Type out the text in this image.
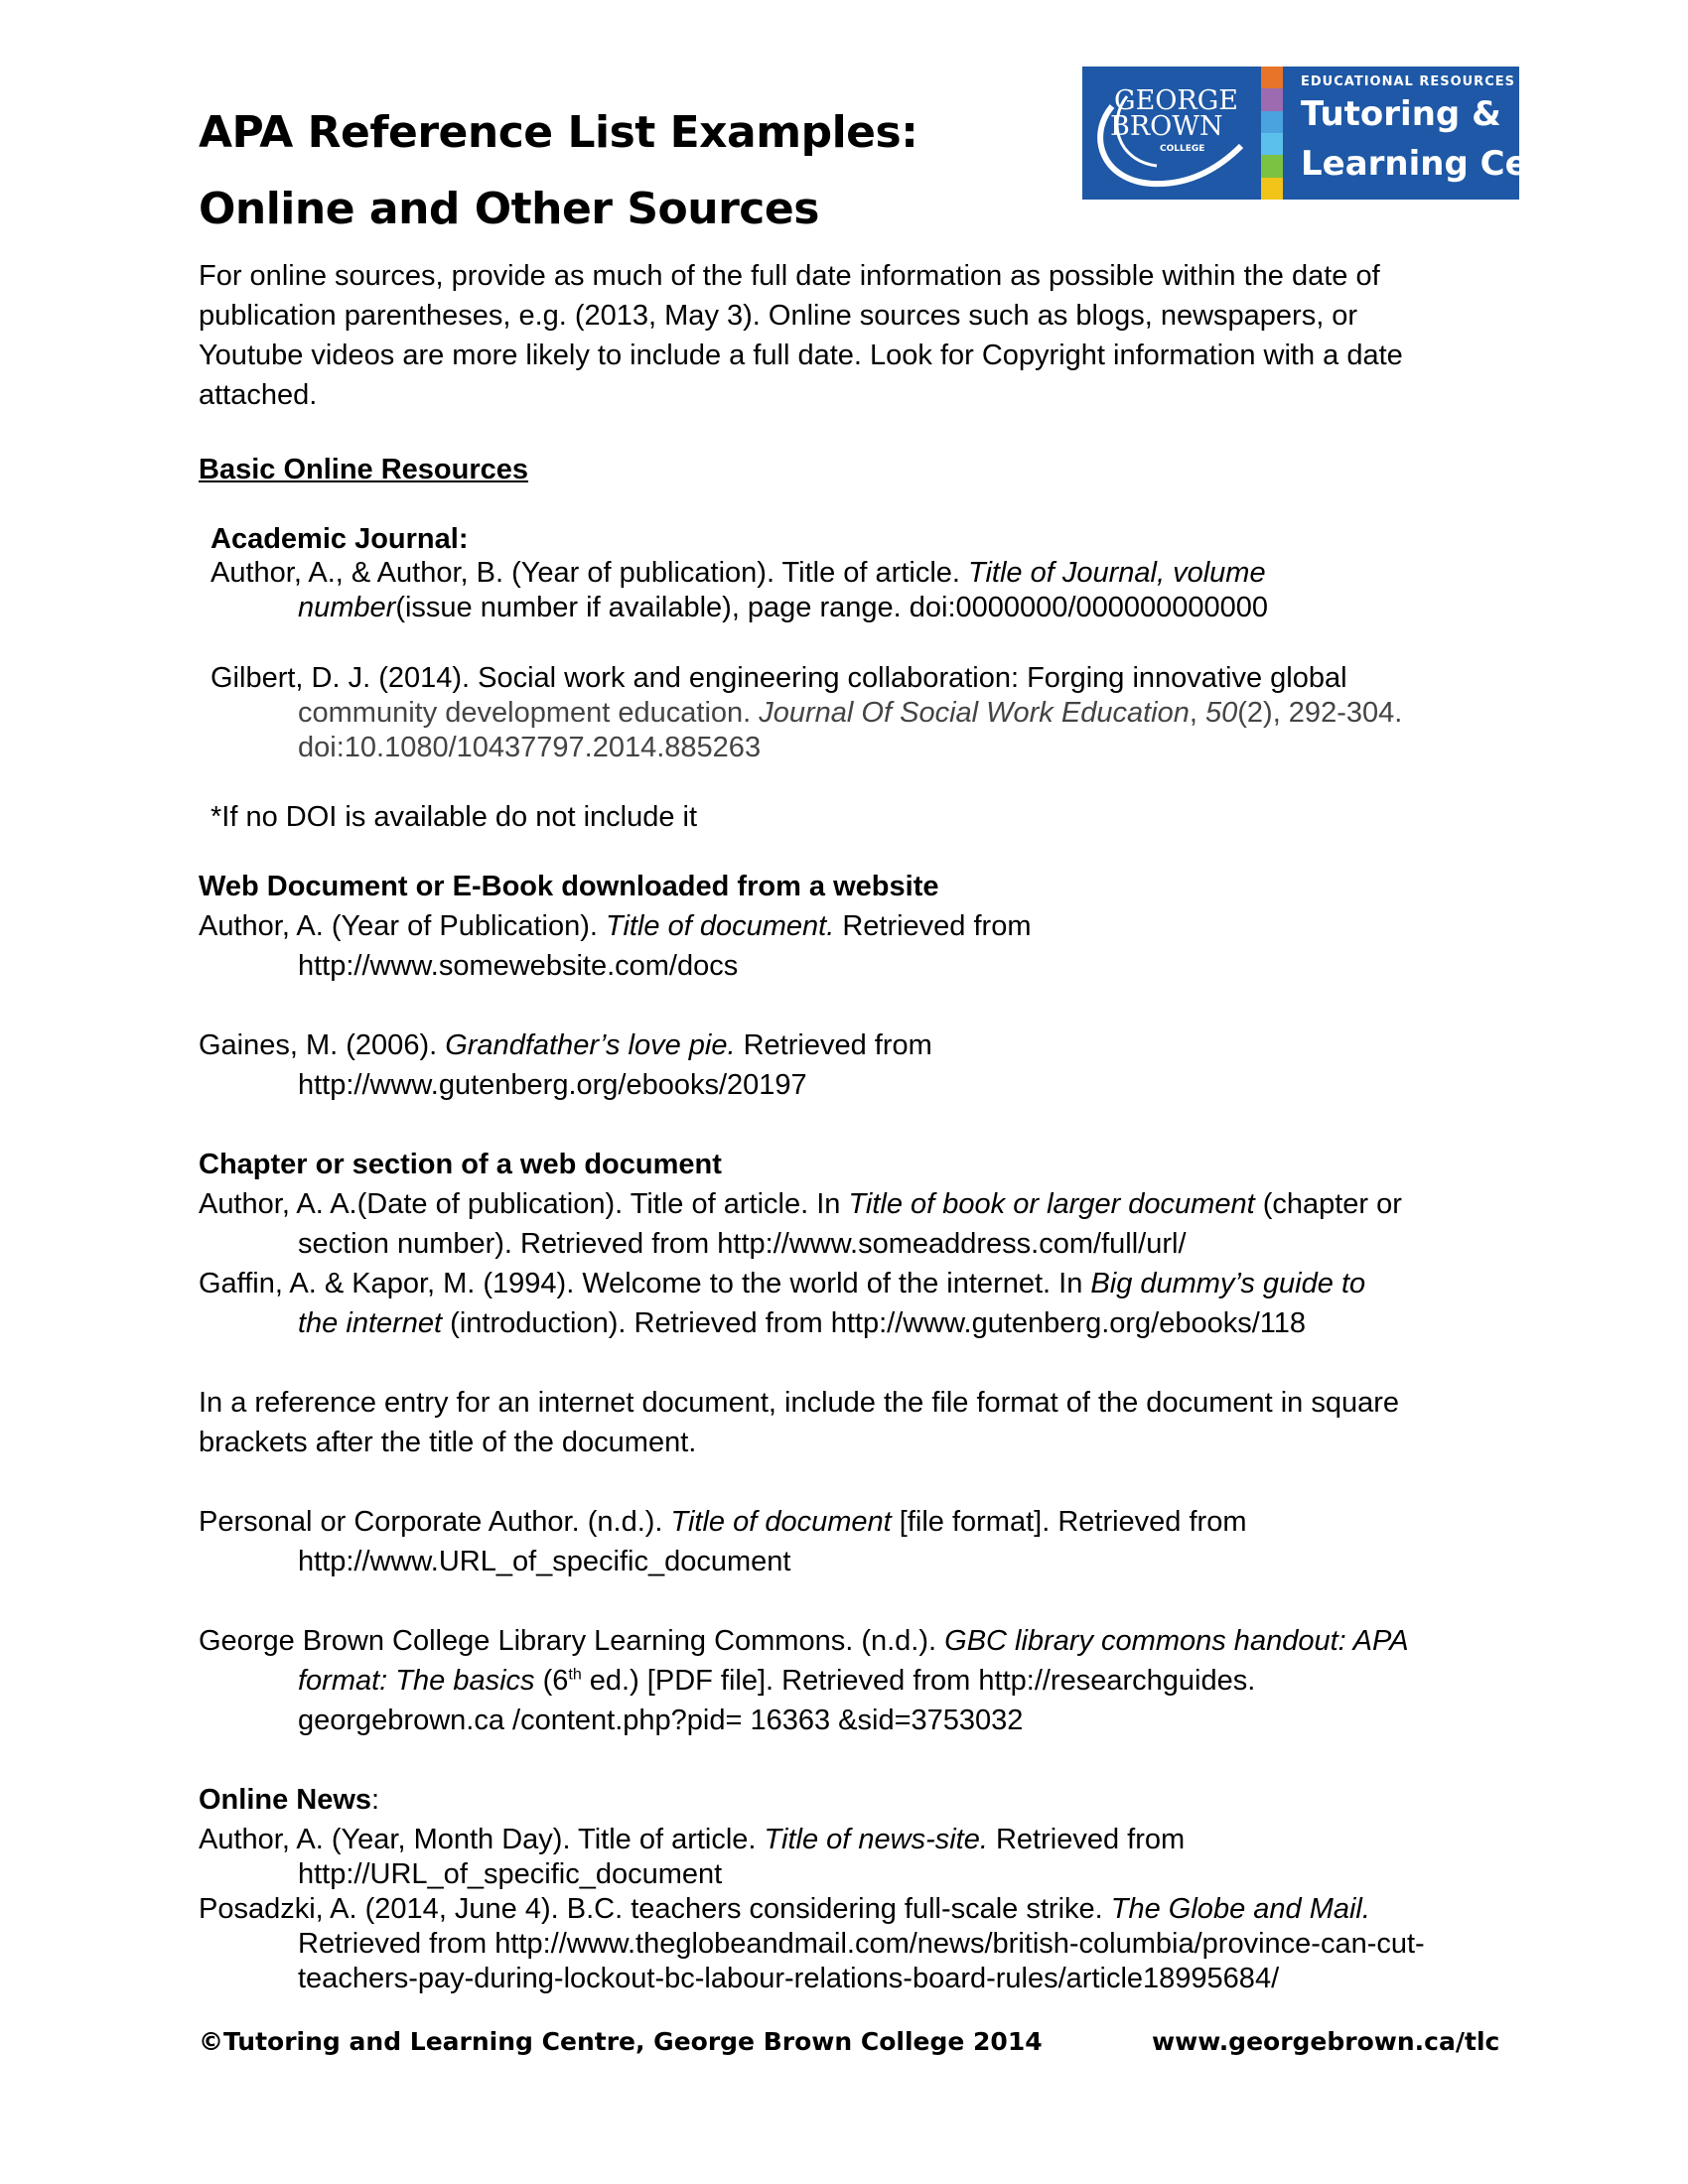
APA Reference List Examples:
Online and Other Sources
GEORGE
BROWN
COLLEGE
EDUCATIONAL RESOURCES
Tutoring &
Learning Centre
For online sources, provide as much of the full date information as possible within the date of
publication parentheses, e.g. (2013, May 3). Online sources such as blogs, newspapers, or
Youtube videos are more likely to include a full date. Look for Copyright information with a date
attached.
Basic Online Resources
Academic Journal:
Author, A., & Author, B. (Year of publication). Title of article. Title of Journal, volume
number(issue number if available), page range. doi:0000000/000000000000
Gilbert, D. J. (2014). Social work and engineering collaboration: Forging innovative global
community development education. Journal Of Social Work Education, 50(2), 292-304.
doi:10.1080/10437797.2014.885263
*If no DOI is available do not include it
Web Document or E-Book downloaded from a website
Author, A. (Year of Publication). Title of document. Retrieved from
http://www.somewebsite.com/docs
Gaines, M. (2006). Grandfather’s love pie. Retrieved from
http://www.gutenberg.org/ebooks/20197
Chapter or section of a web document
Author, A. A.(Date of publication). Title of article. In Title of book or larger document (chapter or
section number). Retrieved from http://www.someaddress.com/full/url/
Gaffin, A. & Kapor, M. (1994). Welcome to the world of the internet. In Big dummy’s guide to
the internet (introduction). Retrieved from http://www.gutenberg.org/ebooks/118
In a reference entry for an internet document, include the file format of the document in square
brackets after the title of the document.
Personal or Corporate Author. (n.d.). Title of document [file format]. Retrieved from
http://www.URL_of_specific_document
George Brown College Library Learning Commons. (n.d.). GBC library commons handout: APA
format: The basics (6th ed.) [PDF file]. Retrieved from http://researchguides.
georgebrown.ca /content.php?pid= 16363 &sid=3753032
Online News:
Author, A. (Year, Month Day). Title of article. Title of news-site. Retrieved from
http://URL_of_specific_document
Posadzki, A. (2014, June 4). B.C. teachers considering full-scale strike. The Globe and Mail.
Retrieved from http://www.theglobeandmail.com/news/british-columbia/province-can-cut-
teachers-pay-during-lockout-bc-labour-relations-board-rules/article18995684/
©Tutoring and Learning Centre, George Brown College 2014	www.georgebrown.ca/tlc
